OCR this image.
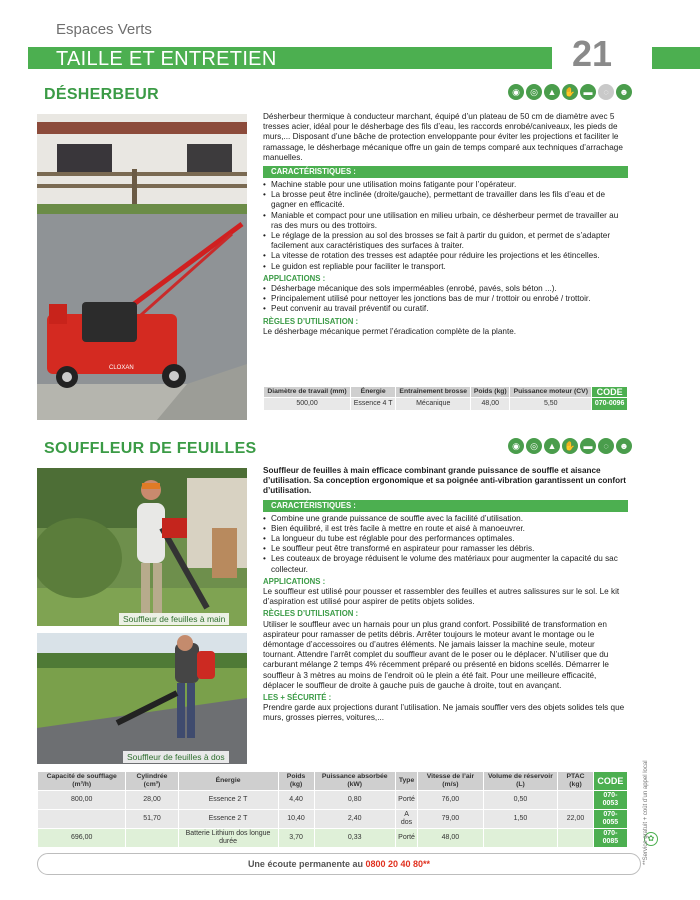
Espaces Verts
TAILLE ET ENTRETIEN	21
DÉSHERBEUR	◉	◎	▲ ✋ ▬	◌	☻
CLOXAN
Désherbeur thermique à conducteur marchant, équipé d’un plateau de 50 cm de diamètre avec 5 tresses acier, idéal pour le désherbage des fils d’eau, les raccords enrobé/caniveaux, les pieds de murs,... Disposant d’une bâche de protection enveloppante pour éviter les projections et faciliter le ramassage, le désherbage mécanique offre un gain de temps comparé aux techniques d’arrachage manuelles.
CARACTÉRISTIQUES :
• Machine stable pour une utilisation moins fatigante pour l’opérateur.
• La brosse peut être inclinée (droite/gauche), permettant de travailler dans les fils d’eau et de gagner en efficacité.
• Maniable et compact pour une utilisation en milieu urbain, ce désherbeur permet de travailler au ras des murs ou des trottoirs.
• Le réglage de la pression au sol des brosses se fait à partir du guidon, et permet de s’adapter facilement aux caractéristiques des surfaces à traiter.
• La vitesse de rotation des tresses est adaptée pour réduire les projections et les étincelles.
• Le guidon est repliable pour faciliter le transport.
APPLICATIONS :
• Désherbage mécanique des sols imperméables (enrobé, pavés, sols béton ...).
• Principalement utilisé pour nettoyer les jonctions bas de mur / trottoir ou enrobé / trottoir.
• Peut convenir au travail préventif ou curatif.
RÈGLES D’UTILISATION :
Le désherbage mécanique permet l’éradication complète de la plante.
Diamètre de travail (mm)	Énergie	Entraînement brosse	Poids (kg)	Puissance moteur (CV)	CODE
500,00	Essence 4 T	Mécanique	48,00	5,50	070-0096
SOUFFLEUR DE FEUILLES	◉	◎	▲ ✋ ▬	◌	☻
Souffleur de feuilles à main
Souffleur de feuilles à dos
Souffleur de feuilles à main efficace combinant grande puissance de souffle et aisance d’utilisation. Sa conception ergonomique et sa poignée anti-vibration garantissent un confort d’utilisation.
CARACTÉRISTIQUES :
• Combine une grande puissance de souffle avec la facilité d’utilisation.
• Bien équilibré, il est très facile à mettre en route et aisé à manoeuvrer.
• La longueur du tube est réglable pour des performances optimales.
• Le souffleur peut être transformé en aspirateur pour ramasser les débris.
• Les couteaux de broyage réduisent le volume des matériaux pour augmenter la capacité du sac collecteur.
APPLICATIONS :
Le souffleur est utilisé pour pousser et rassembler des feuilles et autres salissures sur le sol. Le kit d’aspiration est utilisé pour aspirer de petits objets solides.
RÈGLES D’UTILISATION :
Utiliser le souffleur avec un harnais pour un plus grand confort. Possibilité de transformation en aspirateur pour ramasser de petits débris. Arrêter toujours le moteur avant le montage ou le démontage d’accessoires ou d’autres éléments. Ne jamais laisser la machine seule, moteur tournant. Attendre l’arrêt complet du souffleur avant de le poser ou le déplacer. N’utiliser que du carburant mélange 2 temps 4% récemment préparé ou présenté en bidons scellés. Démarrer le souffleur à 3 mètres au moins de l’endroit où le plein a été fait. Pour une meilleure efficacité, déplacer le souffleur de droite à gauche puis de gauche à droite, tout en avançant.
LES + SÉCURITÉ :
Prendre garde aux projections durant l’utilisation. Ne jamais souffler vers des objets solides tels que murs, grosses pierres, voitures,...
Capacité de soufflage (m³/h)	Cylindrée (cm³)	Énergie	Poids (kg)	Puissance absorbée (kW)	Type	Vitesse de l’air (m/s)	Volume de réservoir (L)	PTAC (kg)	CODE
800,00	28,00	Essence 2 T	4,40	0,80	Porté	76,00	0,50		070-0053
	51,70	Essence 2 T	10,40	2,40	A dos	79,00	1,50	22,00	070-0055
696,00		Batterie Lithium dos longue durée	3,70	0,33	Porté	48,00			070-0085
Une écoute permanente au 0800 20 40 80**
✿
**Service gratuit + coût d’un appel local
